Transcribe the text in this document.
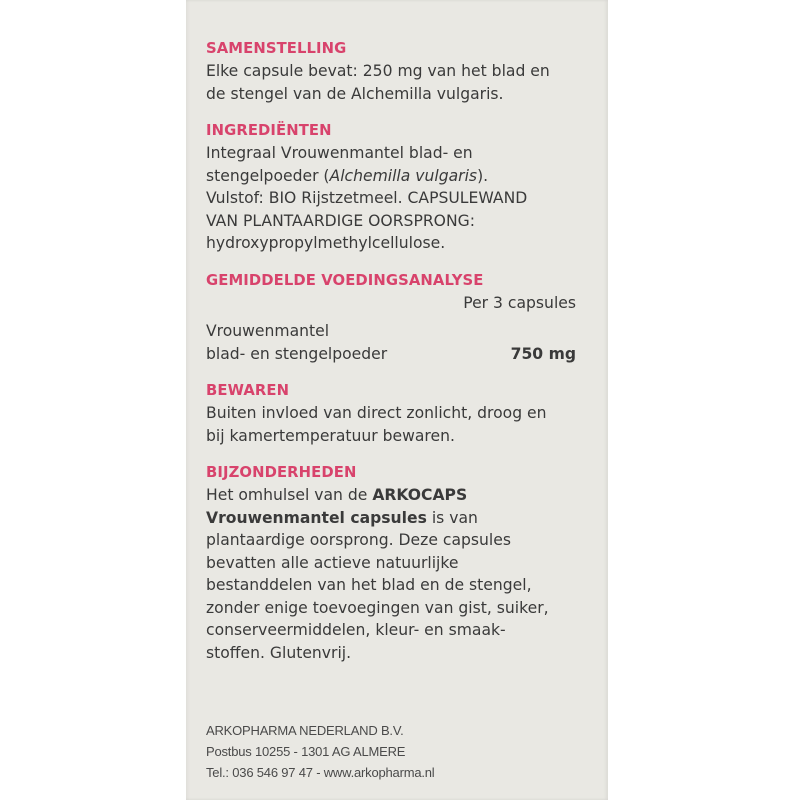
SAMENSTELLING
Elke capsule bevat: 250 mg van het blad en
de stengel van de Alchemilla vulgaris.
INGREDIËNTEN
Integraal Vrouwenmantel blad- en
stengelpoeder (Alchemilla vulgaris).
Vulstof: BIO Rijstzetmeel. CAPSULEWAND
VAN PLANTAARDIGE OORSPRONG:
hydroxypropylmethylcellulose.
GEMIDDELDE VOEDINGSANALYSE
Per 3 capsules
Vrouwenmantel
blad- en stengelpoeder	750 mg
BEWAREN
Buiten invloed van direct zonlicht, droog en
bij kamertemperatuur bewaren.
BIJZONDERHEDEN
Het omhulsel van de ARKOCAPS
Vrouwenmantel capsules is van
plantaardige oorsprong. Deze capsules
bevatten alle actieve natuurlijke
bestanddelen van het blad en de stengel,
zonder enige toevoegingen van gist, suiker,
conserveermiddelen, kleur- en smaak-
stoffen. Glutenvrij.
ARKOPHARMA NEDERLAND B.V.
Postbus 10255 - 1301 AG ALMERE
Tel.: 036 546 97 47 - www.arkopharma.nl
